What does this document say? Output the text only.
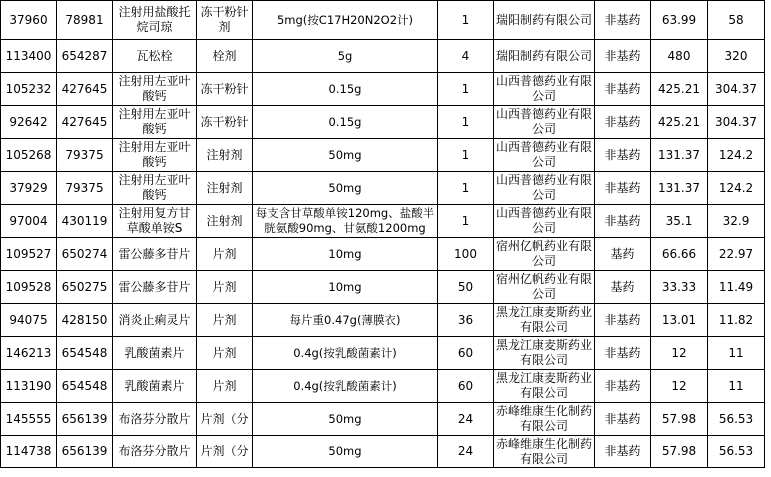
37960	78981	注射用盐酸托烷司琼	冻干粉针剂	5mg(按C17H20N2O2计)	1	瑞阳制药有限公司	非基药	63.99	58
113400	654287	瓦松栓	栓剂	5g	4	瑞阳制药有限公司	非基药	480	320
105232	427645	注射用左亚叶酸钙	冻干粉针	0.15g	1	山西普德药业有限公司	非基药	425.21	304.37
92642	427645	注射用左亚叶酸钙	冻干粉针	0.15g	1	山西普德药业有限公司	非基药	425.21	304.37
105268	79375	注射用左亚叶酸钙	注射剂	50mg	1	山西普德药业有限公司	非基药	131.37	124.2
37929	79375	注射用左亚叶酸钙	注射剂	50mg	1	山西普德药业有限公司	非基药	131.37	124.2
97004	430119	注射用复方甘草酸单铵S	注射剂	每支含甘草酸单铵120mg、盐酸半胱氨酸90mg、甘氨酸1200mg	1	山西普德药业有限公司	非基药	35.1	32.9
109527	650274	雷公藤多苷片	片剂	10mg	100	宿州亿帆药业有限公司	基药	66.66	22.97
109528	650275	雷公藤多苷片	片剂	10mg	50	宿州亿帆药业有限公司	基药	33.33	11.49
94075	428150	消炎止痢灵片	片剂	每片重0.47g(薄膜衣)	36	黑龙江康麦斯药业有限公司	非基药	13.01	11.82
146213	654548	乳酸菌素片	片剂	0.4g(按乳酸菌素计)	60	黑龙江康麦斯药业有限公司	非基药	12	11
113190	654548	乳酸菌素片	片剂	0.4g(按乳酸菌素计)	60	黑龙江康麦斯药业有限公司	非基药	12	11
145555	656139	布洛芬分散片	片剂（分	50mg	24	赤峰维康生化制药有限公司	非基药	57.98	56.53
114738	656139	布洛芬分散片	片剂（分	50mg	24	赤峰维康生化制药有限公司	非基药	57.98	56.53
